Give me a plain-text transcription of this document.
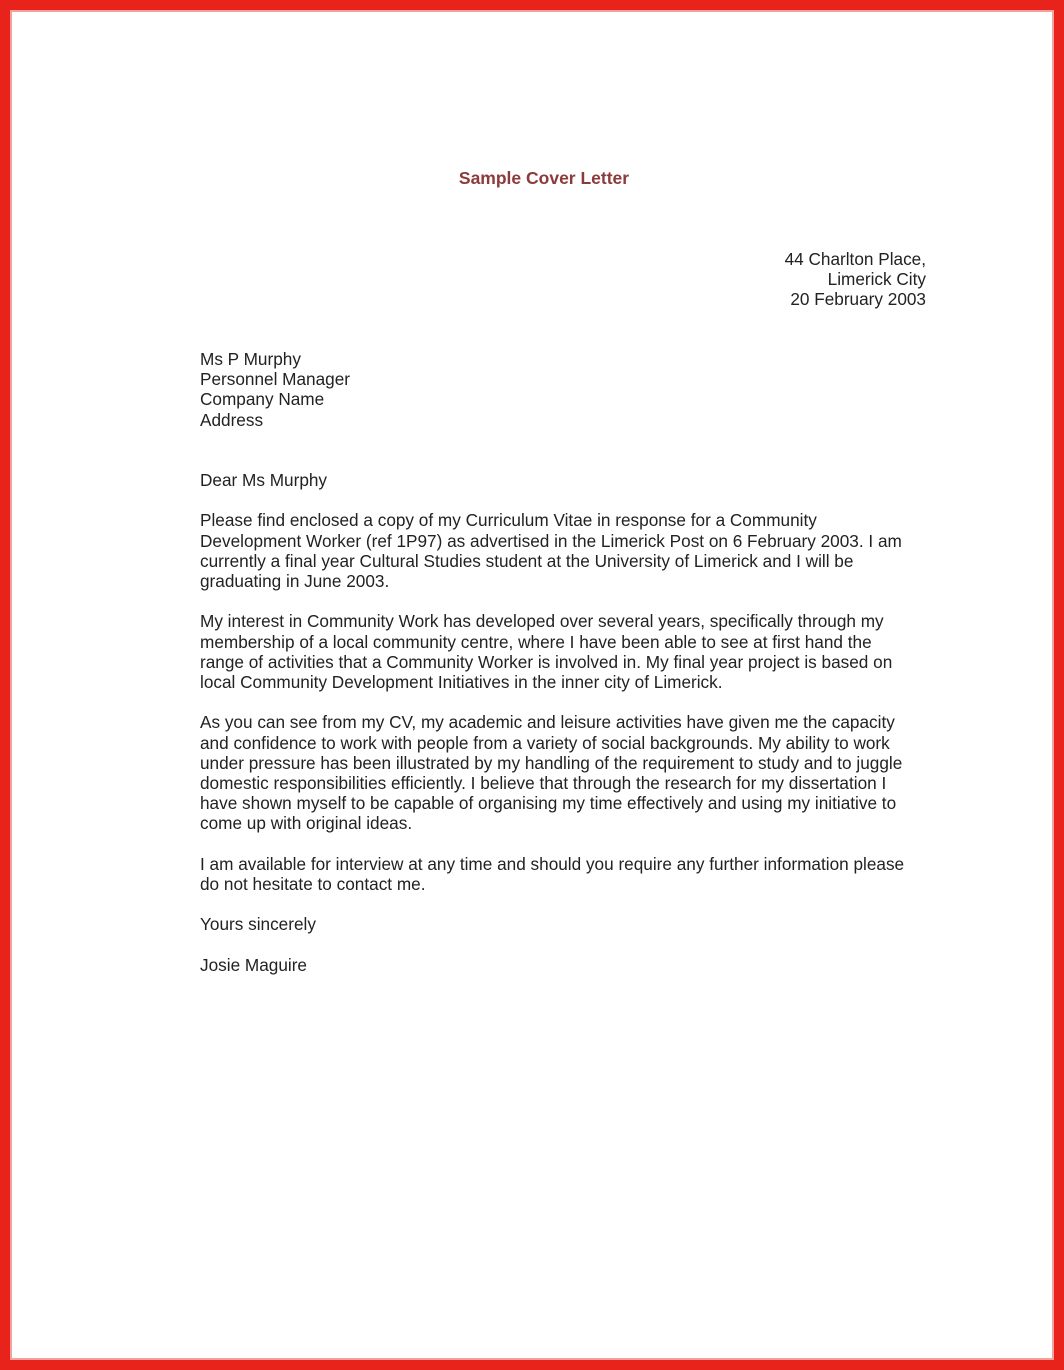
Sample Cover Letter
44 Charlton Place,
Limerick City
20 February 2003
Ms P Murphy
Personnel Manager
Company Name
Address

Dear Ms Murphy

Please find enclosed a copy of my Curriculum Vitae in response for a Community
Development Worker (ref 1P97) as advertised in the Limerick Post on 6 February 2003. I am
currently a final year Cultural Studies student at the University of Limerick and I will be
graduating in June 2003.

My interest in Community Work has developed over several years, specifically through my
membership of a local community centre, where I have been able to see at first hand the
range of activities that a Community Worker is involved in. My final year project is based on
local Community Development Initiatives in the inner city of Limerick.

As you can see from my CV, my academic and leisure activities have given me the capacity
and confidence to work with people from a variety of social backgrounds. My ability to work
under pressure has been illustrated by my handling of the requirement to study and to juggle
domestic responsibilities efficiently. I believe that through the research for my dissertation I
have shown myself to be capable of organising my time effectively and using my initiative to
come up with original ideas.

I am available for interview at any time and should you require any further information please
do not hesitate to contact me.

Yours sincerely

Josie Maguire
